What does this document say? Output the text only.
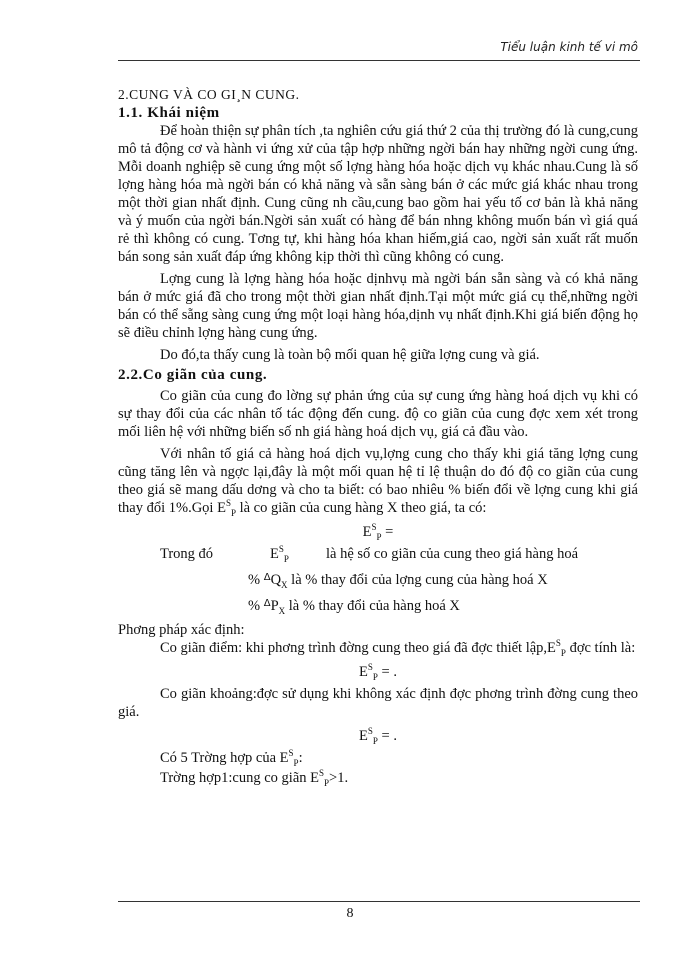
Tiểu luận kinh tế vi mô
2.CUNG VÀ CO GI¸N CUNG.
1.1. Khái niệm

Để hoàn thiện sự phân tích ,ta nghiên cứu giá thứ 2 của thị trường đó là cung,cung mô tả động cơ và hành vi ứng xử của tập hợp những ngời bán hay những ngời cung ứng. Mỗi doanh nghiệp sẽ cung ứng một số lợng hàng hóa hoặc dịch vụ khác nhau.Cung là số lợng hàng hóa mà ngời bán có khả năng và sẵn sàng bán ở các mức giá khác nhau trong một thời gian nhất định. Cung cũng nh cầu,cung bao gồm hai yếu tố cơ bản là khả năng và ý muốn của ngời bán.Ngời sản xuất có hàng để bán nhng không muốn bán vì giá quá rẻ thì không có cung. Tơng tự, khi hàng hóa khan hiếm,giá cao, ngời sản xuất rất muốn bán song sản xuất đáp ứng không kịp thời thì cũng không có cung.

Lợng cung là lợng hàng hóa hoặc dịnhvụ mà ngời bán sẵn sàng và có khả năng bán ở mức giá đã cho trong một thời gian nhất định.Tại một mức giá cụ thể,những ngời bán có thể sẵng sàng cung ứng một loại hàng hóa,dịnh vụ nhất định.Khi giá biến động họ sẽ điều chỉnh lợng hàng cung ứng.

Do đó,ta thấy cung là toàn bộ mối quan hệ giữa lợng cung và giá.

2.2.Co giãn của cung.

Co giãn của cung đo lờng sự phản ứng của sự cung ứng hàng hoá dịch vụ khi có sự thay đổi của các nhân tố tác động đến cung. độ co giãn của cung đợc xem xét trong mối liên hệ với những biến số nh giá hàng hoá dịch vụ, giá cả đầu vào.

Với nhân tố giá cả hàng hoá dịch vụ,lợng cung cho thấy khi giá tăng lợng cung cũng tăng lên và ngợc lại,đây là một mối quan hệ tỉ lệ thuận do đó độ co giãn của cung theo giá sẽ mang dấu dơng và cho ta biết: có bao nhiêu % biến đổi về lợng cung khi giá thay đổi 1%.Gọi $E^S_P$ là co giãn của cung hàng X theo giá, ta có:

$E^S_P$ =
Trong đó	$E^S_P$	là hệ số co giãn của cung theo giá hàng hoá
% $^\Delta Q_X$ là % thay đổi của lợng cung của hàng hoá X
% $^\Delta P_X$ là % thay đổi của hàng hoá X

Phơng pháp xác định:

Co giãn điểm: khi phơng trình đờng cung theo giá đã đợc thiết $lập,E^S_P$ đợc tính là:

$E^S_P$ = .

Co giãn khoảng:đợc sử dụng khi không xác định đợc phơng trình đờng cung theo giá.

$E^S_P$ = .

Có 5 Trờng hợp của $E^S_P$:

Trờng hợp1:cung co giãn $E^S_P>1$.

8
